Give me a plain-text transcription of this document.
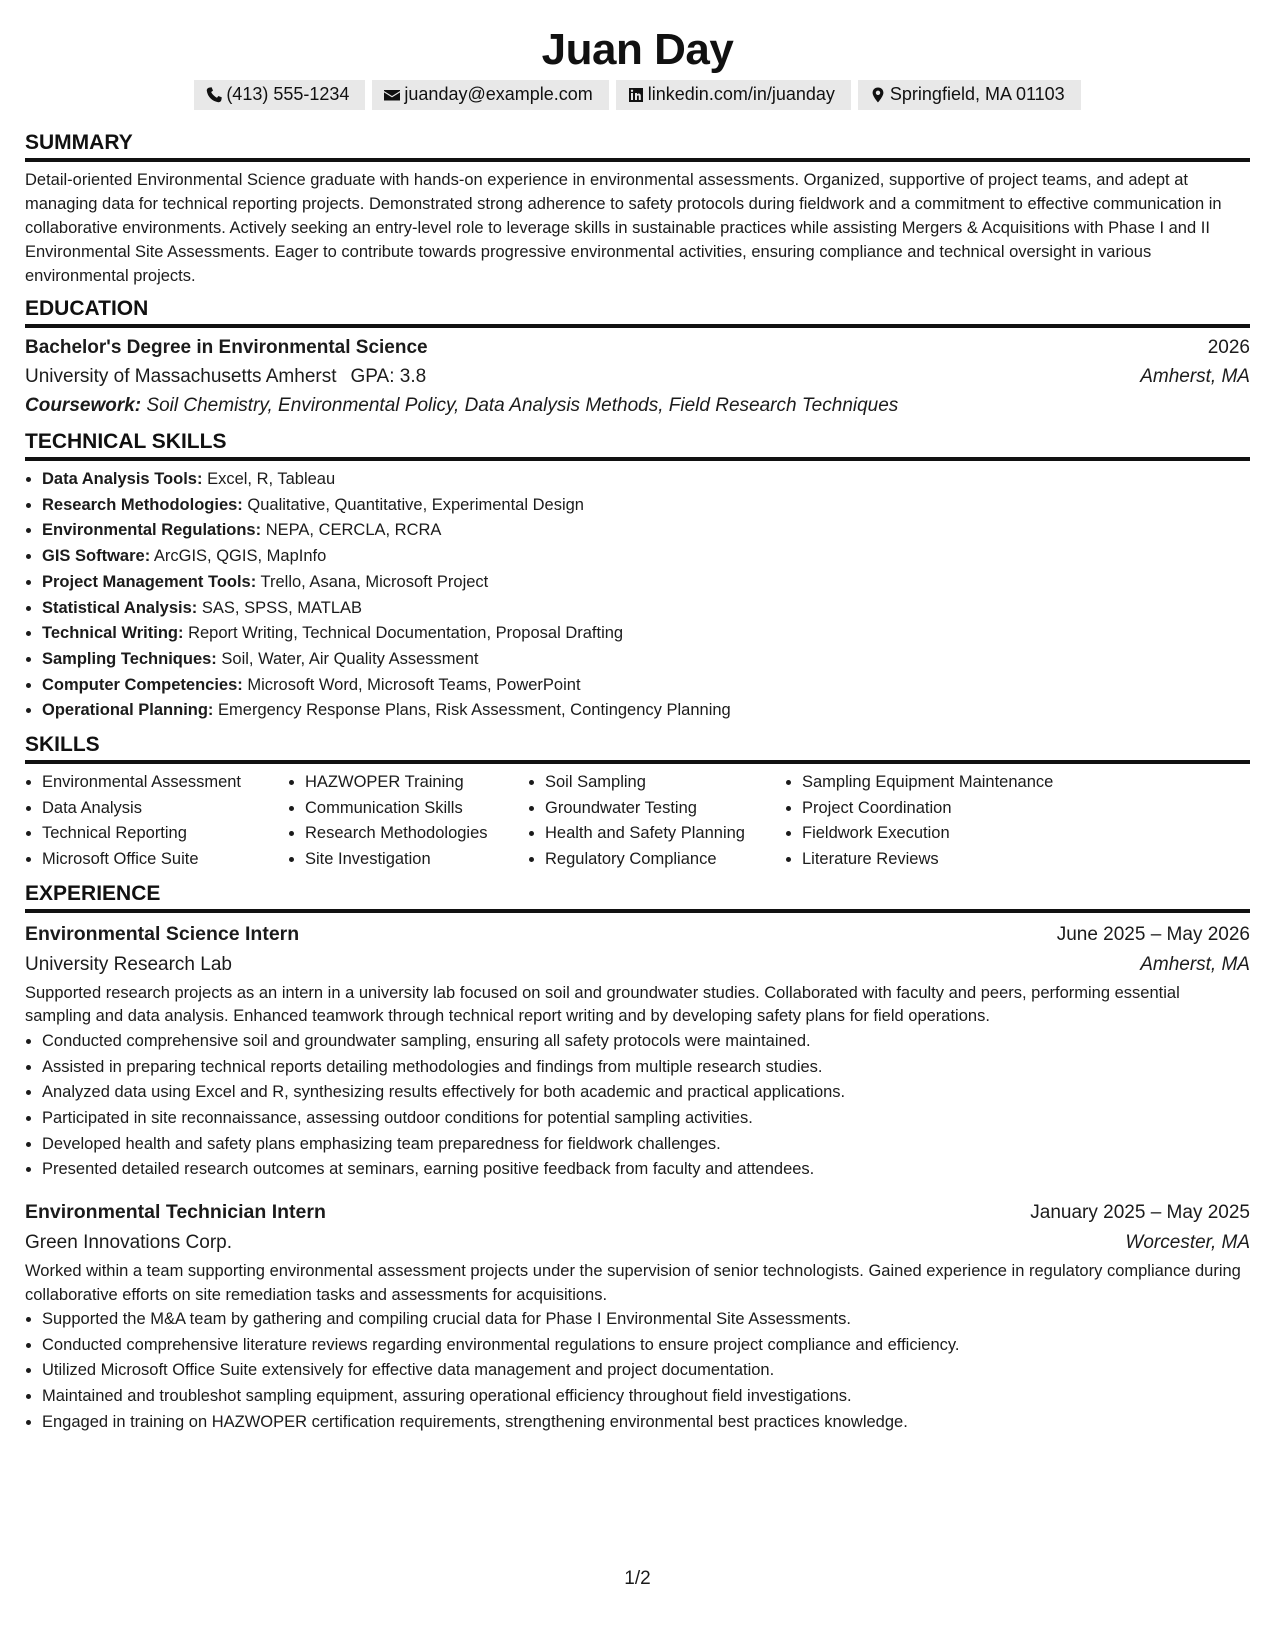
Juan Day
(413) 555-1234	juanday@example.com	linkedin.com/in/juanday	Springfield, MA 01103
SUMMARY

Detail-oriented Environmental Science graduate with hands-on experience in environmental assessments. Organized, supportive of project teams, and adept at managing data for technical reporting projects. Demonstrated strong adherence to safety protocols during fieldwork and a commitment to effective communication in collaborative environments. Actively seeking an entry-level role to leverage skills in sustainable practices while assisting Mergers & Acquisitions with Phase I and II Environmental Site Assessments. Eager to contribute towards progressive environmental activities, ensuring compliance and technical oversight in various environmental projects.

EDUCATION
Bachelor's Degree in Environmental Science	2026
University of Massachusetts Amherst GPA: 3.8	Amherst, MA
Coursework: Soil Chemistry, Environmental Policy, Data Analysis Methods, Field Research Techniques
TECHNICAL SKILLS
• Data Analysis Tools: Excel, R, Tableau
• Research Methodologies: Qualitative, Quantitative, Experimental Design
• Environmental Regulations: NEPA, CERCLA, RCRA
• GIS Software: ArcGIS, QGIS, MapInfo
• Project Management Tools: Trello, Asana, Microsoft Project
• Statistical Analysis: SAS, SPSS, MATLAB
• Technical Writing: Report Writing, Technical Documentation, Proposal Drafting
• Sampling Techniques: Soil, Water, Air Quality Assessment
• Computer Competencies: Microsoft Word, Microsoft Teams, PowerPoint
• Operational Planning: Emergency Response Plans, Risk Assessment, Contingency Planning
SKILLS
• Environmental Assessment
• Data Analysis
• Technical Reporting
• Microsoft Office Suite
• HAZWOPER Training
• Communication Skills
• Research Methodologies
• Site Investigation
• Soil Sampling
• Groundwater Testing
• Health and Safety Planning
• Regulatory Compliance
• Sampling Equipment Maintenance
• Project Coordination
• Fieldwork Execution
• Literature Reviews
EXPERIENCE
Environmental Science Intern	June 2025 – May 2026
University Research Lab	Amherst, MA

Supported research projects as an intern in a university lab focused on soil and groundwater studies. Collaborated with faculty and peers, performing essential sampling and data analysis. Enhanced teamwork through technical report writing and by developing safety plans for field operations.

• Conducted comprehensive soil and groundwater sampling, ensuring all safety protocols were maintained.
• Assisted in preparing technical reports detailing methodologies and findings from multiple research studies.
• Analyzed data using Excel and R, synthesizing results effectively for both academic and practical applications.
• Participated in site reconnaissance, assessing outdoor conditions for potential sampling activities.
• Developed health and safety plans emphasizing team preparedness for fieldwork challenges.
• Presented detailed research outcomes at seminars, earning positive feedback from faculty and attendees.
Environmental Technician Intern	January 2025 – May 2025
Green Innovations Corp.	Worcester, MA

Worked within a team supporting environmental assessment projects under the supervision of senior technologists. Gained experience in regulatory compliance during collaborative efforts on site remediation tasks and assessments for acquisitions.

• Supported the M&A team by gathering and compiling crucial data for Phase I Environmental Site Assessments.
• Conducted comprehensive literature reviews regarding environmental regulations to ensure project compliance and efficiency.
• Utilized Microsoft Office Suite extensively for effective data management and project documentation.
• Maintained and troubleshot sampling equipment, assuring operational efficiency throughout field investigations.
• Engaged in training on HAZWOPER certification requirements, strengthening environmental best practices knowledge.
1/2
